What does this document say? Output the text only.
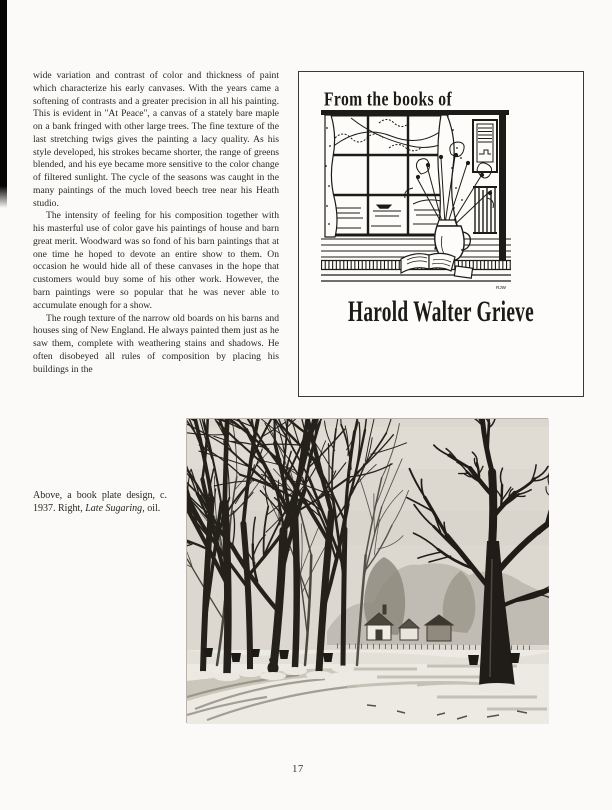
wide variation and contrast of color and thickness of paint which characterize his early canvases. With the years came a softening of contrasts and a greater precision in all his painting. This is evident in "At Peace", a canvas of a stately bare maple on a bank fringed with other large trees. The fine texture of the last stretching twigs gives the painting a lacy quality. As his style developed, his strokes became shorter, the range of greens blended, and his eye became more sensitive to the color change of filtered sunlight. The cycle of the seasons was caught in the many paintings of the much loved beech tree near his Heath studio.

The intensity of feeling for his composition together with his masterful use of color gave his paintings of house and barn great merit. Woodward was so fond of his barn paintings that at one time he hoped to devote an entire show to them. On occasion he would hide all of these canvases in the hope that customers would buy some of his other work. However, the barn paintings were so popular that he was never able to accumulate enough for a show.

The rough texture of the narrow old boards on his barns and houses sing of New England. He always painted them just as he saw them, complete with weathering stains and shadows. He often disobeyed all rules of composition by placing his buildings in the

From the books of
RJW
Harold Walter Grieve
Above, a book plate design, c. 1937. Right, Late Sugaring, oil.
17
